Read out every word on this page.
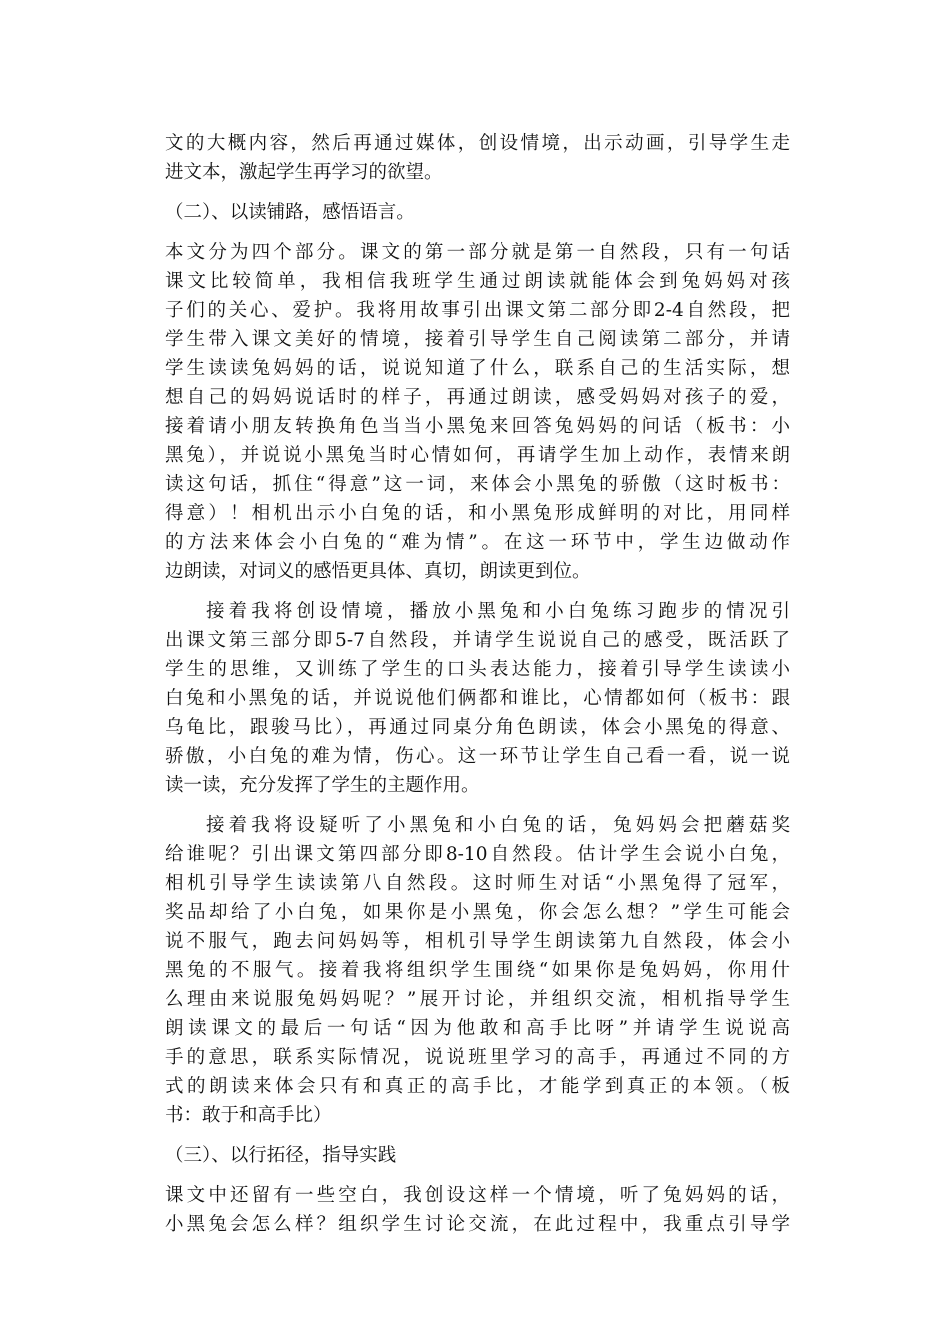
文的大概内容，然后再通过媒体，创设情境，出示动画，引导学生走
进文本，激起学生再学习的欲望。
（二）、以读铺路，感悟语言。
本文分为四个部分。课文的第一部分就是第一自然段，只有一句话
课文比较简单，我相信我班学生通过朗读就能体会到兔妈妈对孩
子们的关心、爱护。我将用故事引出课文第二部分即2-4自然段，把
学生带入课文美好的情境，接着引导学生自己阅读第二部分，并请
学生读读兔妈妈的话，说说知道了什么，联系自己的生活实际，想
想自己的妈妈说话时的样子，再通过朗读，感受妈妈对孩子的爱，
接着请小朋友转换角色当当小黑兔来回答兔妈妈的问话（板书：小
黑兔），并说说小黑兔当时心情如何，再请学生加上动作，表情来朗
读这句话，抓住“得意”这一词，来体会小黑兔的骄傲（这时板书：
得意）！相机出示小白兔的话，和小黑兔形成鲜明的对比，用同样
的方法来体会小白兔的“难为情”。在这一环节中，学生边做动作
边朗读，对词义的感悟更具体、真切，朗读更到位。
接着我将创设情境，播放小黑兔和小白兔练习跑步的情况引
出课文第三部分即5-7自然段，并请学生说说自己的感受，既活跃了
学生的思维，又训练了学生的口头表达能力，接着引导学生读读小
白兔和小黑兔的话，并说说他们俩都和谁比，心情都如何（板书：跟
乌龟比，跟骏马比），再通过同桌分角色朗读，体会小黑兔的得意、
骄傲，小白兔的难为情，伤心。这一环节让学生自己看一看，说一说
读一读，充分发挥了学生的主题作用。
接着我将设疑听了小黑兔和小白兔的话，兔妈妈会把蘑菇奖
给谁呢？引出课文第四部分即8-10自然段。估计学生会说小白兔，
相机引导学生读读第八自然段。这时师生对话“小黑兔得了冠军，
奖品却给了小白兔，如果你是小黑兔，你会怎么想？”学生可能会
说不服气，跑去问妈妈等，相机引导学生朗读第九自然段，体会小
黑兔的不服气。接着我将组织学生围绕“如果你是兔妈妈，你用什
么理由来说服兔妈妈呢？”展开讨论，并组织交流，相机指导学生
朗读课文的最后一句话“因为他敢和高手比呀”并请学生说说高
手的意思，联系实际情况，说说班里学习的高手，再通过不同的方
式的朗读来体会只有和真正的高手比，才能学到真正的本领。（板
书：敢于和高手比）
（三）、以行拓径，指导实践
课文中还留有一些空白，我创设这样一个情境，听了兔妈妈的话，
小黑兔会怎么样？组织学生讨论交流，在此过程中，我重点引导学
